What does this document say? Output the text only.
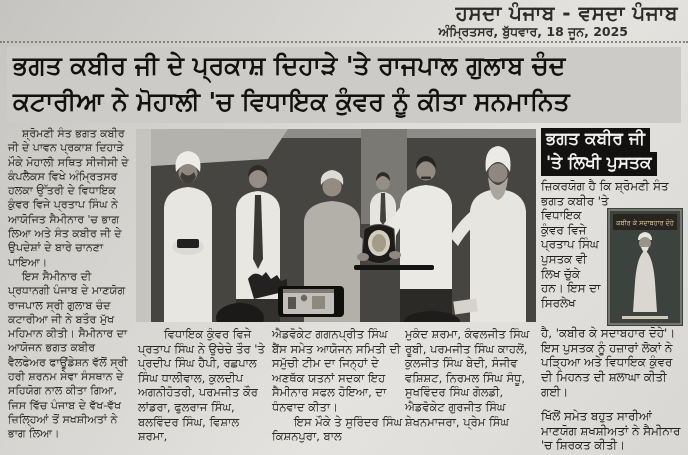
ਹਸਦਾ ਪੰਜਾਬ - ਵਸਦਾ ਪੰਜਾਬ
ਅੰਮ੍ਰਿਤਸਰ, ਬੁੱਧਵਾਰ, 18 ਜੂਨ, 2025
ਭਗਤ ਕਬੀਰ ਜੀ ਦੇ ਪ੍ਰਕਾਸ਼ ਦਿਹਾੜੇ 'ਤੇ ਰਾਜਪਾਲ ਗੁਲਾਬ ਚੰਦ
ਕਟਾਰੀਆ ਨੇ ਮੋਹਾਲੀ 'ਚ ਵਿਧਾਇਕ ਕੁੰਵਰ ਨੂੰ ਕੀਤਾ ਸਨਮਾਨਿਤ

ਸ਼੍ਰੋਮਣੀ ਸੰਤ ਭਗਤ ਕਬੀਰ ਜੀ ਦੇ ਪਾਵਨ ਪ੍ਰਕਾਸ਼ ਦਿਹਾੜੇ ਮੌਕੇ ਮੋਹਾਲੀ ਸਥਿਤ ਸੀਜੀਸੀ ਦੇ ਕੰਪਲੈਕਸ ਵਿਖੇ ਅੰਮ੍ਰਿਤਸਰ ਹਲਕਾ ਉੱਤਰੀ ਦੇ ਵਿਧਾਇਕ ਕੁੰਵਰ ਵਿਜੇ ਪ੍ਰਤਾਪ ਸਿੰਘ ਨੇ ਆਯੋਜਿਤ ਸੈਮੀਨਾਰ 'ਚ ਭਾਗ ਲਿਆ ਅਤੇ ਸੰਤ ਕਬੀਰ ਜੀ ਦੇ ਉਪਦੇਸ਼ਾਂ ਦੇ ਬਾਰੇ ਚਾਨਣਾ ਪਾਇਆ।

ਇਸ ਸੈਮੀਨਾਰ ਦੀ ਪ੍ਰਧਾਨਗੀ ਪੰਜਾਬ ਦੇ ਮਾਣਯੋਗ ਰਾਜਪਾਲ ਸ੍ਰੀ ਗੁਲਾਬ ਚੰਦ ਕਟਾਰੀਆ ਜੀ ਨੇ ਬਤੌਰ ਮੁੱਖ ਮਹਿਮਾਨ ਕੀਤੀ। ਸੈਮੀਨਾਰ ਦਾ ਆਯੋਜਨ ਭਗਤ ਕਬੀਰ ਵੈਲਫੇਅਰ ਫਾਊਂਡੇਸ਼ਨ ਵੱਲੋਂ ਸ੍ਰੀ ਹਰੀ ਸ਼ਰਨਮ ਸੇਵਾ ਸੰਸਥਾਨ ਦੇ ਸਹਿਯੋਗ ਨਾਲ ਕੀਤਾ ਗਿਆ, ਜਿਸ ਵਿੱਚ ਪੰਜਾਬ ਦੇ ਵੱਖ-ਵੱਖ ਜ਼ਿਲ੍ਹਿਆਂ ਤੋਂ ਸਖਸ਼ੀਅਤਾਂ ਨੇ ਭਾਗ ਲਿਆ।

ਵਿਧਾਇਕ ਕੁੰਵਰ ਵਿਜੇ ਪ੍ਰਤਾਪ ਸਿੰਘ ਨੇ ਉਚੇਚੇ ਤੌਰ 'ਤੇ ਪ੍ਰਦੀਪ ਸਿੰਘ ਹੈਪੀ, ਰਛਪਾਲ ਸਿੰਘ ਧਾਲੀਵਾਲ, ਕੁਲਦੀਪ ਅਗਨੀਹੋਤਰੀ, ਪਰਮਜੀਤ ਕੌਰ ਲਾਂਡਰਾ, ਫੁਲਰਾਜ ਸਿੰਘ, ਬਲਵਿੰਦਰ ਸਿੰਘ, ਵਿਸ਼ਾਲ ਸ਼ਰਮਾ,

ਐਡਵੋਕੇਟ ਗਗਨਪ੍ਰੀਤ ਸਿੰਘ ਬੈਂਸ ਸਮੇਤ ਆਯੋਜਨ ਸਮਿਤੀ ਦੀ ਸਮੁੱਚੀ ਟੀਮ ਦਾ ਜਿਨ੍ਹਾਂ ਦੇ ਅਣਥੱਕ ਯਤਨਾਂ ਸਦਕਾ ਇਹ ਸੈਮੀਨਾਰ ਸਫਲ ਹੋਇਆ, ਦਾ ਧੰਨਵਾਦ ਕੀਤਾ।

ਇਸ ਮੌਕੇ ਤੇ ਸੁਰਿੰਦਰ ਸਿੰਘ ਕਿਸ਼ਨਪੁਰਾ, ਬਾਲ

ਮੁਕੰਦ ਸ਼ਰਮਾ, ਕੰਵਲਜੀਤ ਸਿੰਘ ਰੂਬੀ, ਪਰਮਜੀਤ ਸਿੰਘ ਕਾਹਲੋਂ, ਕੁਲਜੀਤ ਸਿੰਘ ਬੇਦੀ, ਸੰਜੀਵ ਵਸ਼ਿਸ਼ਟ, ਨਿਰਮਲ ਸਿੰਘ ਸੰਧੂ, ਸੁਖਵਿੰਦਰ ਸਿੰਘ ਗੋਲਡੀ, ਐਡਵੋਕੇਟ ਗੁਰਜੀਤ ਸਿੰਘ ਸ਼ੇਖਨਮਾਜਰਾ, ਪ੍ਰੇਮ ਸਿੰਘ

ਭਗਤ ਕਬੀਰ ਜੀ
'ਤੇ ਲਿਖੀ ਪੁਸਤਕ

ਜ਼ਿਕਰਯੋਗ ਹੈ ਕਿ ਸ਼੍ਰੋਮਣੀ ਸੰਤ ਭਗਤ ਕਬੀਰ 'ਤੇ

ਵਿਧਾਇਕ ਕੁੰਵਰ ਵਿਜੇ ਪ੍ਰਤਾਪ ਸਿੰਘ ਪੁਸਤਕ ਵੀ ਲਿਖ ਚੁੱਕੇ ਹਨ। ਇਸ ਦਾ ਸਿਰਲੇਖ
ਕਬੀਰ ਕੇ ਸਦਾਬਹਾਰ ਦੋਹੇ

ਹੈ, 'ਕਬੀਰ ਕੇ ਸਦਾਬਹਾਰ ਦੋਹੇ'। ਇਸ ਪੁਸਤਕ ਨੂੰ ਹਜ਼ਾਰਾਂ ਲੋਕਾਂ ਨੇ ਪੜ੍ਹਿਆ ਅਤੇ ਵਿਧਾਇਕ ਕੁੰਵਰ ਦੀ ਮਿਹਨਤ ਦੀ ਸ਼ਲਾਘਾ ਕੀਤੀ ਗਈ।

ਖਿੱਲੋਂ ਸਮੇਤ ਬਹੁਤ ਸਾਰੀਆਂ ਮਾਣਯੋਗ ਸ਼ਖਸ਼ੀਅਤਾਂ ਨੇ ਸੈਮੀਨਾਰ 'ਚ ਸ਼ਿਰਕਤ ਕੀਤੀ।
